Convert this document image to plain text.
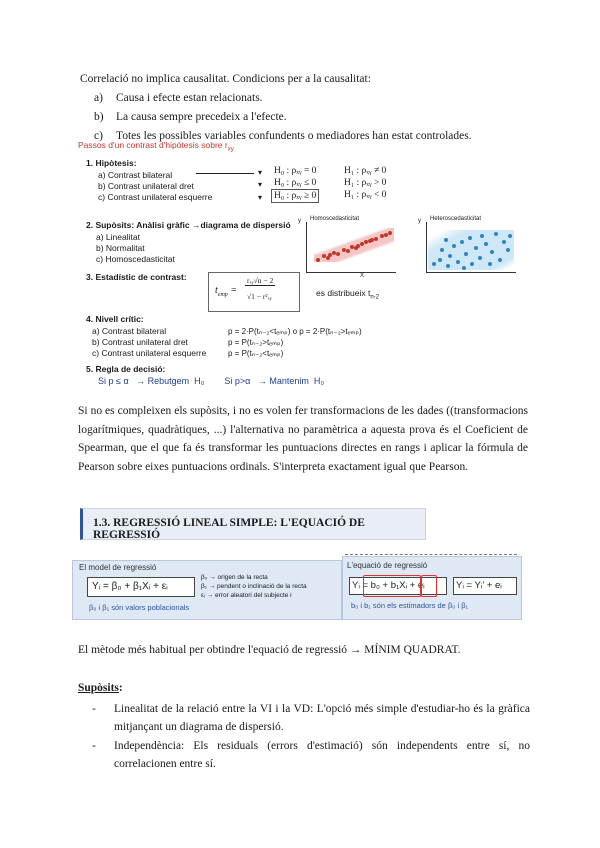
Correlació no implica causalitat. Condicions per a la causalitat:
a) Causa i efecte estan relacionats.
b) La causa sempre precedeix a l'efecte.
c) Totes les possibles variables confundents o mediadores han estat controlades.
Passos d'un contrast d'hipòtesis sobre $r_{xy}$
1. Hipòtesis:
a) Contrast bilateral
b) Contrast unilateral dret
c) Contrast unilateral esquerre
▾
▾
▾
H₀ : ρₓᵧ = 0
H₀ : ρₓᵧ ≤ 0
H₀ : ρₓᵧ ≥ 0
H₁ : ρₓᵧ ≠ 0
H₁ : ρₓᵧ > 0
H₁ : ρₓᵧ < 0
2. Supòsits: Anàlisi gràfic →diagrama de dispersió
a) Linealitat
b) Normalitat
c) Homoscedasticitat
y Homoscedasticitat
X
y Heteroscedasticitat
3. Estadístic de contrast:
$t_{emp}$ =
rₓᵧ√n − 2
√1 − r²ₓᵧ	es distribueix $t_{n-2}$
4. Nivell crític:
a) Contrast bilateral
b) Contrast unilateral dret
c) Contrast unilateral esquerre
p = 2·P(tₙ₋₂<tₑₘₚ) o p = 2·P(tₙ₋₂>tₑₘₚ)
p = P(tₙ₋₂>tₑₘₚ)
p = P(tₙ₋₂<tₑₘₚ)
5. Regla de decisió:
Si p ≤ α   → Rebutgem  H₀        Si p>α   → Mantenim  H₀
Si no es compleixen els supòsits, i no es volen fer transformacions de les dades ((transformacions logarítmiques, quadràtiques, ...) l'alternativa no paramètrica a aquesta prova és el Coeficient de Spearman, que el que fa és transformar les puntuacions directes en rangs i aplicar la fórmula de Pearson sobre eixes puntuacions ordinals. S'interpreta exactament igual que Pearson.
1.3. REGRESSIÓ LINEAL SIMPLE: L'EQUACIÓ DE REGRESSIÓ
El model de regressió
Yᵢ = β₀ + β₁Xᵢ + εᵢ
β₀ → origen de la recta
β₁ → pendent o inclinació de la recta
εᵢ → error aleatori del subjecte i
β₀ i β₁ són valors poblacionals
L'equació de regressió
Yᵢ = b₀ + b₁Xᵢ + eᵢ	Yᵢ = Yᵢ' + eᵢ
b₀ i b₁ són els estimadors de β₀ i β₁
El mètode més habitual per obtindre l'equació de regressió → MÍNIM QUADRAT.
Supòsits:
- Linealitat de la relació entre la VI i la VD: L'opció més simple d'estudiar-ho és la gràfica mitjançant un diagrama de dispersió.
- Independència: Els residuals (errors d'estimació) són independents entre sí, no correlacionen entre sí.
